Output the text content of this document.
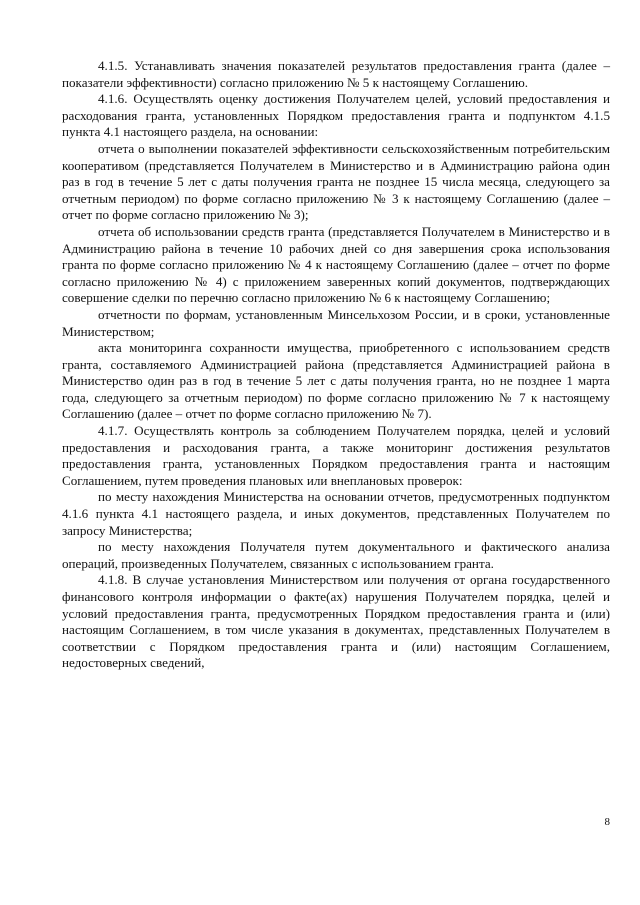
4.1.5. Устанавливать значения показателей результатов предоставления гранта (далее – показатели эффективности) согласно приложению № 5 к настоящему Соглашению.

4.1.6. Осуществлять оценку достижения Получателем целей, условий предоставления и расходования гранта, установленных Порядком предоставления гранта и подпунктом 4.1.5 пункта 4.1 настоящего раздела, на основании:

отчета о выполнении показателей эффективности сельскохозяйственным потребительским кооперативом (представляется Получателем в Министерство и в Администрацию района один раз в год в течение 5 лет с даты получения гранта не позднее 15 числа месяца, следующего за отчетным периодом) по форме согласно приложению № 3 к настоящему Соглашению (далее – отчет по форме согласно приложению № 3);

отчета об использовании средств гранта (представляется Получателем в Министерство и в Администрацию района в течение 10 рабочих дней со дня завершения срока использования гранта по форме согласно приложению № 4 к настоящему Соглашению (далее – отчет по форме согласно приложению № 4) с приложением заверенных копий документов, подтверждающих совершение сделки по перечню согласно приложению № 6 к настоящему Соглашению;

отчетности по формам, установленным Минсельхозом России, и в сроки, установленные Министерством;

акта мониторинга сохранности имущества, приобретенного с использованием средств гранта, составляемого Администрацией района (представляется Администрацией района в Министерство один раз в год в течение 5 лет с даты получения гранта, но не позднее 1 марта года, следующего за отчетным периодом) по форме согласно приложению № 7 к настоящему Соглашению (далее – отчет по форме согласно приложению № 7).

4.1.7. Осуществлять контроль за соблюдением Получателем порядка, целей и условий предоставления и расходования гранта, а также мониторинг достижения результатов предоставления гранта, установленных Порядком предоставления гранта и настоящим Соглашением, путем проведения плановых или внеплановых проверок:

по месту нахождения Министерства на основании отчетов, предусмотренных подпунктом 4.1.6 пункта 4.1 настоящего раздела, и иных документов, представленных Получателем по запросу Министерства;

по месту нахождения Получателя путем документального и фактического анализа операций, произведенных Получателем, связанных с использованием гранта.

4.1.8. В случае установления Министерством или получения от органа государственного финансового контроля информации о факте(ах) нарушения Получателем порядка, целей и условий предоставления гранта, предусмотренных Порядком предоставления гранта и (или) настоящим Соглашением, в том числе указания в документах, представленных Получателем в соответствии с Порядком предоставления гранта и (или) настоящим Соглашением, недостоверных сведений,

8
